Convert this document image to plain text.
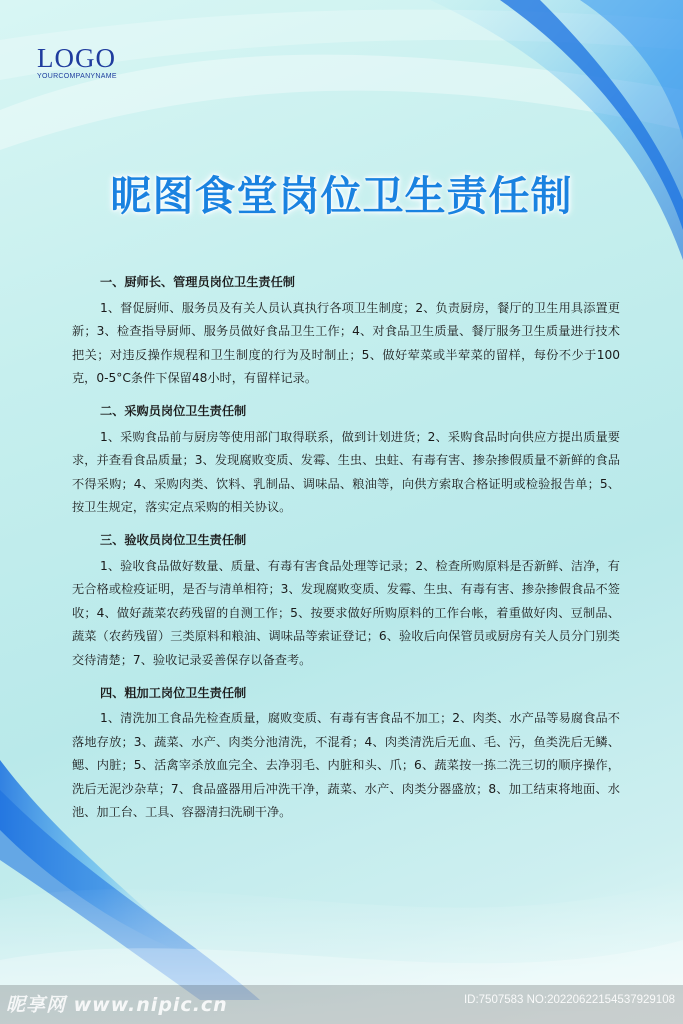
LOGO
YOURCOMPANYNAME
昵图食堂岗位卫生责任制
一、厨师长、管理员岗位卫生责任制
1、督促厨师、服务员及有关人员认真执行各项卫生制度；2、负责厨房，餐厅的卫生用具添置更新；3、检查指导厨师、服务员做好食品卫生工作；4、对食品卫生质量、餐厅服务卫生质量进行技术把关；对违反操作规程和卫生制度的行为及时制止；5、做好荤菜或半荤菜的留样，每份不少于100克，0-5°C条件下保留48小时，有留样记录。
二、采购员岗位卫生责任制
1、采购食品前与厨房等使用部门取得联系，做到计划进货；2、采购食品时向供应方提出质量要求，并查看食品质量；3、发现腐败变质、发霉、生虫、虫蛀、有毒有害、掺杂掺假质量不新鲜的食品不得采购；4、采购肉类、饮料、乳制品、调味品、粮油等，向供方索取合格证明或检验报告单；5、按卫生规定，落实定点采购的相关协议。
三、验收员岗位卫生责任制
1、验收食品做好数量、质量、有毒有害食品处理等记录；2、检查所购原料是否新鲜、洁净，有无合格或检疫证明，是否与清单相符；3、发现腐败变质、发霉、生虫、有毒有害、掺杂掺假食品不签收；4、做好蔬菜农药残留的自测工作；5、按要求做好所购原料的工作台帐，着重做好肉、豆制品、蔬菜（农药残留）三类原料和粮油、调味品等索证登记；6、验收后向保管员或厨房有关人员分门别类交待清楚；7、验收记录妥善保存以备查考。
四、粗加工岗位卫生责任制
1、清洗加工食品先检查质量，腐败变质、有毒有害食品不加工；2、肉类、水产品等易腐食品不落地存放；3、蔬菜、水产、肉类分池清洗，不混肴；4、肉类清洗后无血、毛、污，鱼类洗后无鳞、鳃、内脏；5、活禽宰杀放血完全、去净羽毛、内脏和头、爪；6、蔬菜按一拣二洗三切的顺序操作，洗后无泥沙杂草；7、食品盛器用后冲洗干净，蔬菜、水产、肉类分器盛放；8、加工结束将地面、水池、加工台、工具、容器清扫洗刷干净。
昵享网 www.nipic.cn	ID:7507583 NO:20220622154537929108
